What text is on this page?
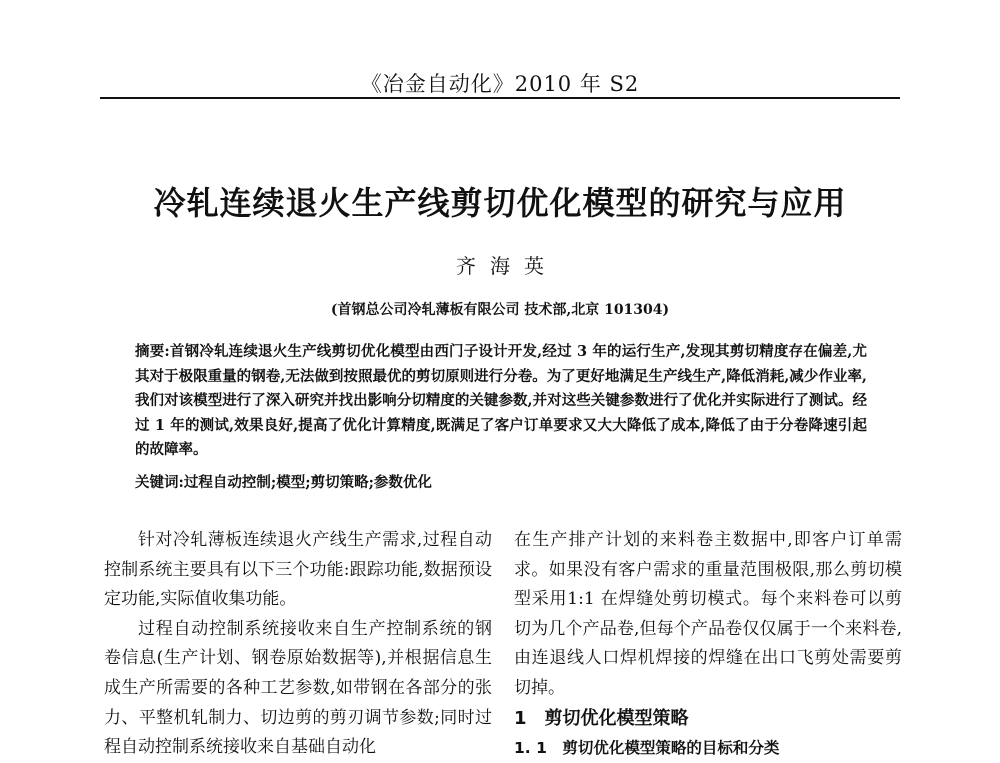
《冶金自动化》2010 年 S2
冷轧连续退火生产线剪切优化模型的研究与应用
齐海英
(首钢总公司冷轧薄板有限公司 技术部,北京 101304)
摘要:首钢冷轧连续退火生产线剪切优化模型由西门子设计开发,经过 3 年的运行生产,发现其剪切精度存在偏差,尤其对于极限重量的钢卷,无法做到按照最优的剪切原则进行分卷。为了更好地满足生产线生产,降低消耗,减少作业率,我们对该模型进行了深入研究并找出影响分切精度的关键参数,并对这些关键参数进行了优化并实际进行了测试。经过 1 年的测试,效果良好,提高了优化计算精度,既满足了客户订单要求又大大降低了成本,降低了由于分卷降速引起的故障率。
关键词:过程自动控制;模型;剪切策略;参数优化

针对冷轧薄板连续退火产线生产需求,过程自动控制系统主要具有以下三个功能:跟踪功能,数据预设定功能,实际值收集功能。

过程自动控制系统接收来自生产控制系统的钢卷信息(生产计划、钢卷原始数据等),并根据信息生成生产所需要的各种工艺参数,如带钢在各部分的张力、平整机轧制力、切边剪的剪刃调节参数;同时过程自动控制系统接收来自基础自动化

在生产排产计划的来料卷主数据中,即客户订单需求。如果没有客户需求的重量范围极限,那么剪切模型采用1:1 在焊缝处剪切模式。每个来料卷可以剪切为几个产品卷,但每个产品卷仅仅属于一个来料卷,由连退线人口焊机焊接的焊缝在出口飞剪处需要剪切掉。

1　剪切优化模型策略
1. 1　剪切优化模型策略的目标和分类
